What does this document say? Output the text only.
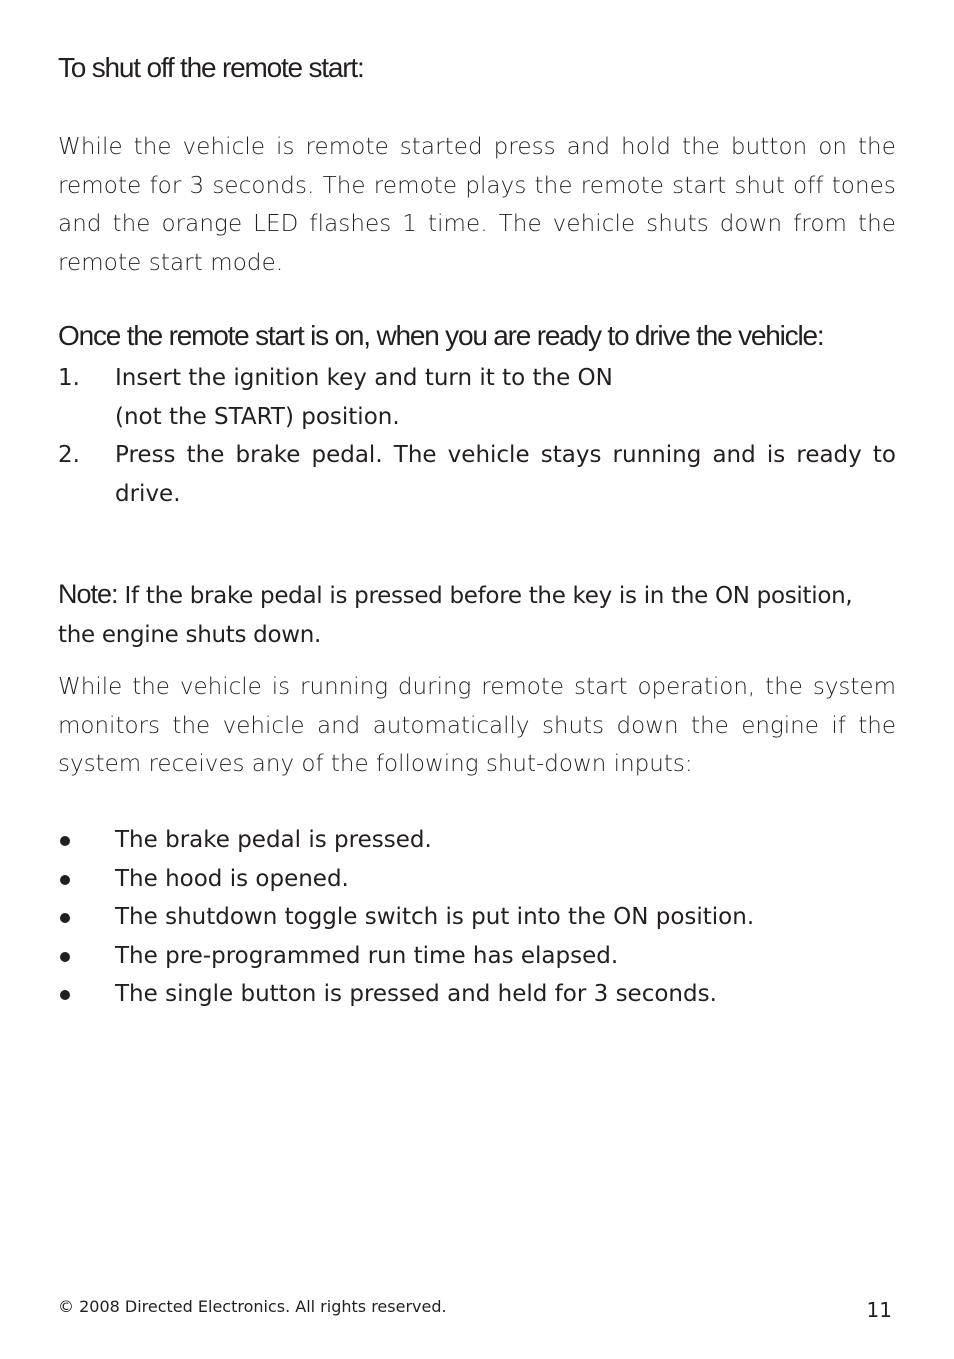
To shut off the remote start:

While the vehicle is remote started press and hold the button on the remote for 3 seconds. The remote plays the remote start shut off tones and the orange LED flashes 1 time. The vehicle shuts down from the remote start mode.

Once the remote start is on, when you are ready to drive the vehicle:
1. Insert the ignition key and turn it to the ON
(not the START) position.
2. Press the brake pedal. The vehicle stays running and is ready to drive.

Note: If the brake pedal is pressed before the key is in the ON position, the engine shuts down.

While the vehicle is running during remote start operation, the system monitors the vehicle and automatically shuts down the engine if the system receives any of the following shut-down inputs:

The brake pedal is pressed.
The hood is opened.
The shutdown toggle switch is put into the ON position.
The pre-programmed run time has elapsed.
The single button is pressed and held for 3 seconds.
© 2008 Directed Electronics. All rights reserved.	11
